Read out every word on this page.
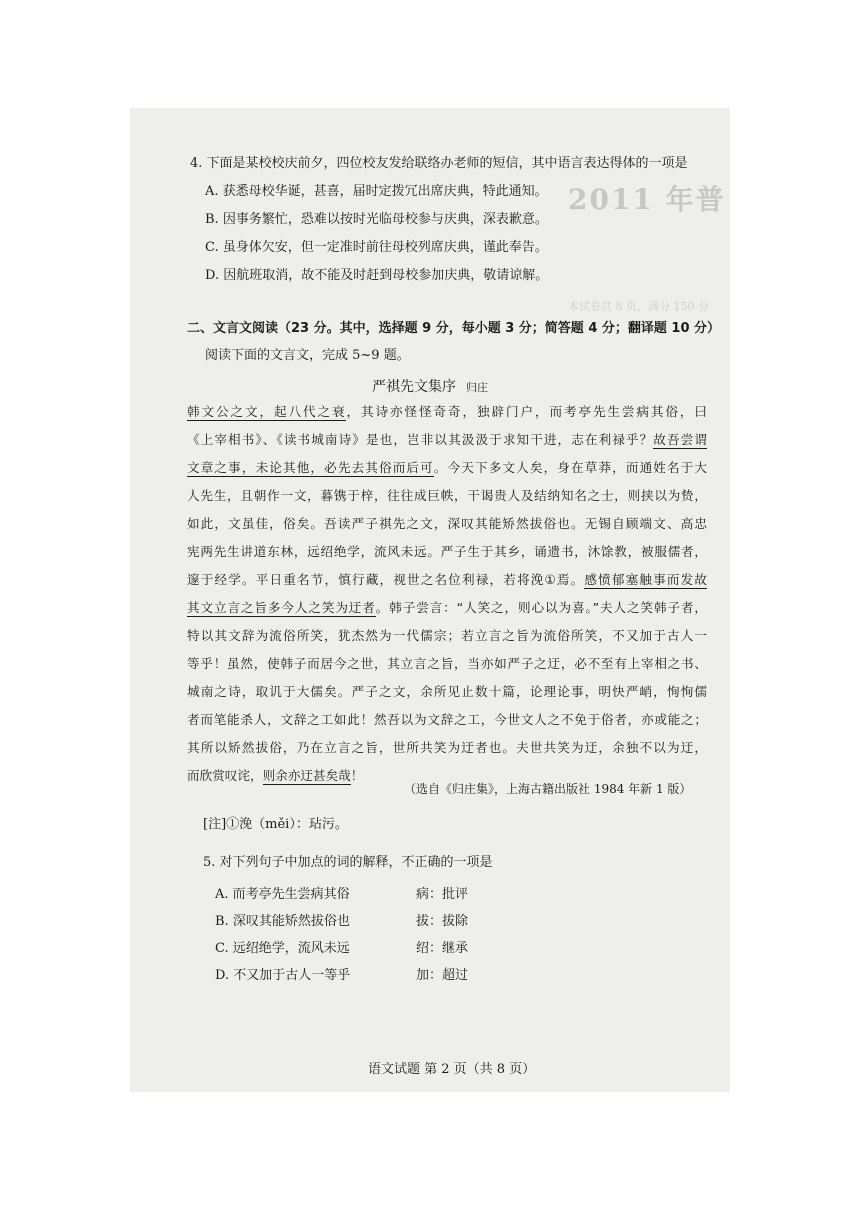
2011 年普
本试卷共 8 页，满分 150 分
4. 下面是某校校庆前夕，四位校友发给联络办老师的短信，其中语言表达得体的一项是
A. 获悉母校华诞，甚喜，届时定拨冗出席庆典，特此通知。
B. 因事务繁忙，恐难以按时光临母校参与庆典，深表歉意。
C. 虽身体欠安，但一定准时前往母校列席庆典，谨此奉告。
D. 因航班取消，故不能及时赶到母校参加庆典，敬请谅解。
二、文言文阅读（23 分。其中，选择题 9 分，每小题 3 分；简答题 4 分；翻译题 10 分）
阅读下面的文言文，完成 5~9 题。
严祺先文集序 归庄
韩文公之文，起八代之衰，其诗亦怪怪奇奇，独辟门户，而考亭先生尝病其俗，曰
《上宰相书》、《读书城南诗》是也，岂非以其汲汲于求知干进，志在利禄乎？故吾尝谓
文章之事，未论其他，必先去其俗而后可。今天下多文人矣，身在草莽，而通姓名于大
人先生，且朝作一文，暮镌于梓，往往成巨帙，干谒贵人及结纳知名之士，则挟以为贽，
如此，文虽佳，俗矣。吾读严子祺先之文，深叹其能矫然拔俗也。无锡自顾端文、高忠
宪两先生讲道东林，远绍绝学，流风未远。严子生于其乡，诵遗书，沐馀教，被服儒者，
邃于经学。平日重名节，慎行藏，视世之名位利禄，若将浼①焉。感愤郁塞触事而发故
其文立言之旨多今人之笑为迂者。韩子尝言：“人笑之，则心以为喜。”夫人之笑韩子者，
特以其文辞为流俗所笑，犹杰然为一代儒宗；若立言之旨为流俗所笑，不又加于古人一
等乎！虽然，使韩子而居今之世，其立言之旨，当亦如严子之迂，必不至有上宰相之书、
城南之诗，取讥于大儒矣。严子之文，余所见止数十篇，论理论事，明快严峭，恂恂儒
者而笔能杀人，文辞之工如此！然吾以为文辞之工，今世文人之不免于俗者，亦或能之；
其所以矫然拔俗，乃在立言之旨，世所共笑为迂者也。夫世共笑为迂，余独不以为迂，
而欣赏叹诧，则余亦迂甚矣哉！
（选自《归庄集》，上海古籍出版社 1984 年新 1 版）
[注]①浼（měi）：玷污。
5. 对下列句子中加点的词的解释，不正确的一项是
A. 而考亭先生尝病其俗	病：批评
B. 深叹其能矫然拔俗也	拔：拔除
C. 远绍绝学，流风未远	绍：继承
D. 不又加于古人一等乎	加：超过
语文试题 第 2 页（共 8 页）
